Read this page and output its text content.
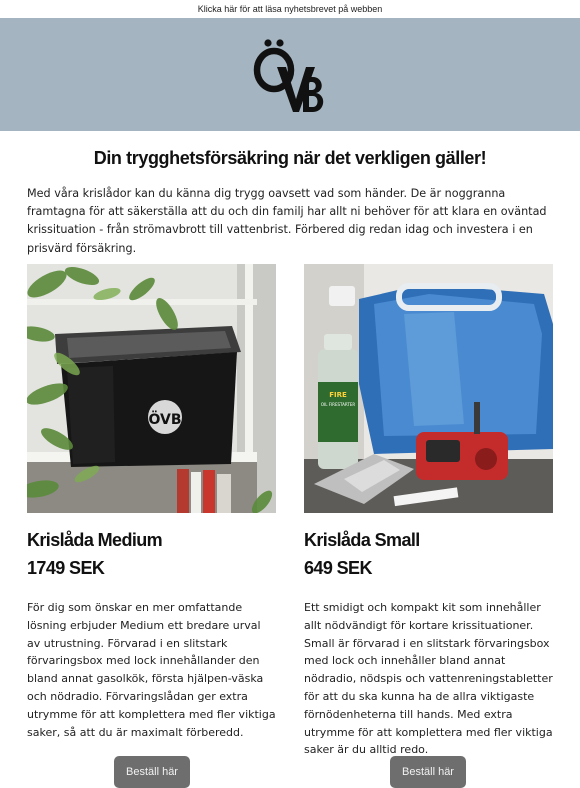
Klicka här för att läsa nyhetsbrevet på webben
Din trygghetsförsäkring när det verkligen gäller!

Med våra krislådor kan du känna dig trygg oavsett vad som händer. De är noggranna framtagna för att säkerställa att du och din familj har allt ni behöver för att klara en oväntad krissituation - från strömavbrott till vattenbrist. Förbered dig redan idag och investera i en prisvärd försäkring.

ÖVB
Krislåda Medium
1749 SEK

För dig som önskar en mer omfattande lösning erbjuder Medium ett bredare urval av utrustning. Förvarad i en slitstark förvaringsbox med lock innehållander den bland annat gasolkök, första hjälpen-väska och nödradio. Förvaringslådan ger extra utrymme för att komplettera med fler viktiga saker, så att du är maximalt förberedd.

FIRE
OIL FIRESTARTER
Krislåda Small
649 SEK

Ett smidigt och kompakt kit som innehåller allt nödvändigt för kortare krissituationer. Small är förvarad i en slitstark förvaringsbox med lock och innehåller bland annat nödradio, nödspis och vattenreningstabletter för att du ska kunna ha de allra viktigaste förnödenheterna till hands. Med extra utrymme för att komplettera med fler viktiga saker är du alltid redo.

Beställ här	Beställ här
